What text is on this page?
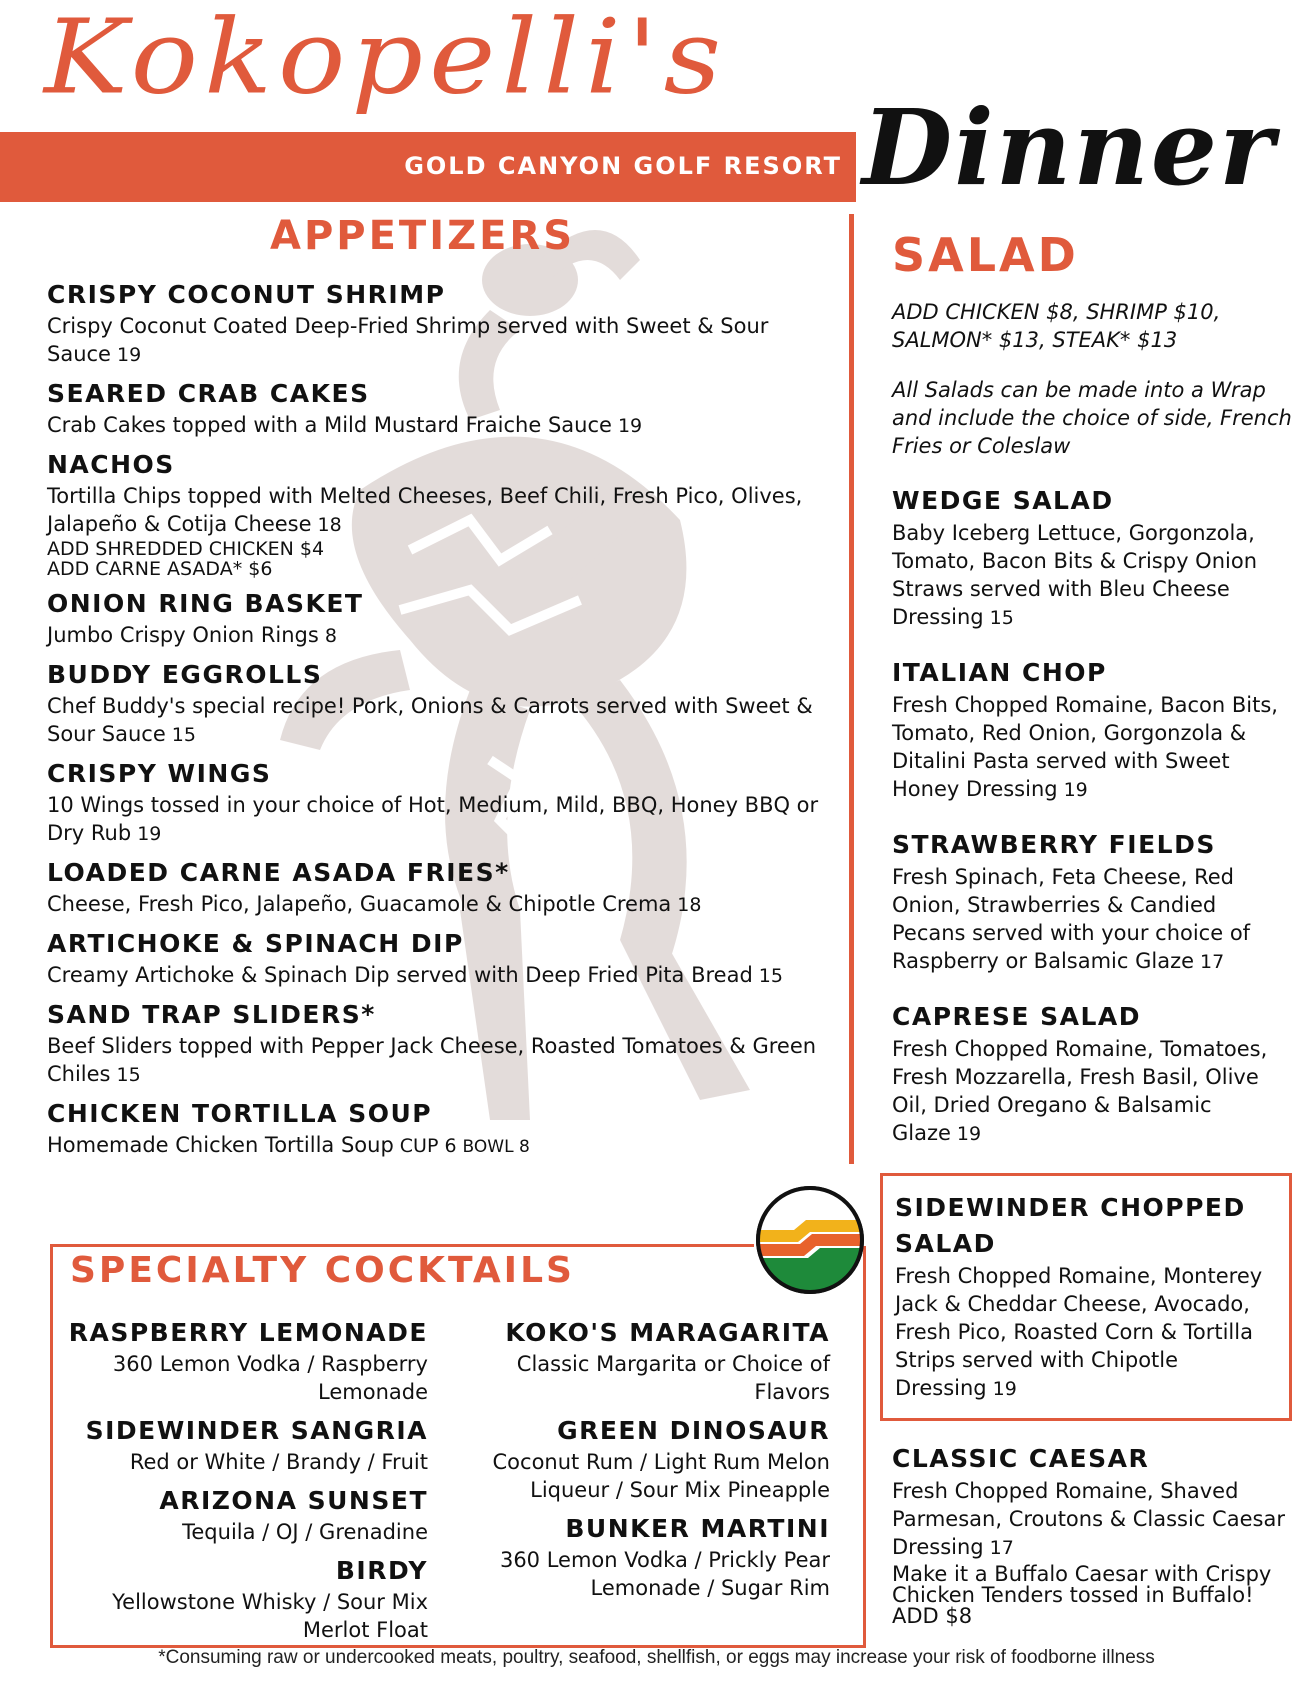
Kokopelli's
GOLD CANYON GOLF RESORT Dinner
APPETIZERS
CRISPY COCONUT SHRIMP
Crispy Coconut Coated Deep-Fried Shrimp served with Sweet & Sour Sauce 19
SEARED CRAB CAKES
Crab Cakes topped with a Mild Mustard Fraiche Sauce 19
NACHOS
Tortilla Chips topped with Melted Cheeses, Beef Chili, Fresh Pico, Olives, Jalapeño & Cotija Cheese 18
ADD SHREDDED CHICKEN $4
ADD CARNE ASADA* $6
ONION RING BASKET
Jumbo Crispy Onion Rings 8
BUDDY EGGROLLS
Chef Buddy's special recipe! Pork, Onions & Carrots served with Sweet & Sour Sauce 15
CRISPY WINGS
10 Wings tossed in your choice of Hot, Medium, Mild, BBQ, Honey BBQ or Dry Rub 19
LOADED CARNE ASADA FRIES*
Cheese, Fresh Pico, Jalapeño, Guacamole & Chipotle Crema 18
ARTICHOKE & SPINACH DIP
Creamy Artichoke & Spinach Dip served with Deep Fried Pita Bread 15
SAND TRAP SLIDERS*
Beef Sliders topped with Pepper Jack Cheese, Roasted Tomatoes & Green Chiles 15
CHICKEN TORTILLA SOUP
Homemade Chicken Tortilla Soup CUP 6 BOWL 8
SALAD
ADD CHICKEN $8, SHRIMP $10, SALMON* $13, STEAK* $13
All Salads can be made into a Wrap and include the choice of side, French Fries or Coleslaw
WEDGE SALAD
Baby Iceberg Lettuce, Gorgonzola, Tomato, Bacon Bits & Crispy Onion Straws served with Bleu Cheese Dressing 15
ITALIAN CHOP
Fresh Chopped Romaine, Bacon Bits, Tomato, Red Onion, Gorgonzola & Ditalini Pasta served with Sweet Honey Dressing 19
STRAWBERRY FIELDS
Fresh Spinach, Feta Cheese, Red Onion, Strawberries & Candied Pecans served with your choice of Raspberry or Balsamic Glaze 17
CAPRESE SALAD
Fresh Chopped Romaine, Tomatoes, Fresh Mozzarella, Fresh Basil, Olive Oil, Dried Oregano & Balsamic Glaze 19
SIDEWINDER CHOPPED SALAD
Fresh Chopped Romaine, Monterey Jack & Cheddar Cheese, Avocado, Fresh Pico, Roasted Corn & Tortilla Strips served with Chipotle Dressing 19
CLASSIC CAESAR
Fresh Chopped Romaine, Shaved Parmesan, Croutons & Classic Caesar Dressing 17
Make it a Buffalo Caesar with Crispy Chicken Tenders tossed in Buffalo! ADD $8
SPECIALTY COCKTAILS
RASPBERRY LEMONADE
360 Lemon Vodka / Raspberry Lemonade
SIDEWINDER SANGRIA
Red or White / Brandy / Fruit
ARIZONA SUNSET
Tequila / OJ / Grenadine
BIRDY
Yellowstone Whisky / Sour Mix Merlot Float
KOKO'S MARAGARITA
Classic Margarita or Choice of Flavors
GREEN DINOSAUR
Coconut Rum / Light Rum Melon Liqueur / Sour Mix Pineapple
BUNKER MARTINI
360 Lemon Vodka / Prickly Pear Lemonade / Sugar Rim
*Consuming raw or undercooked meats, poultry, seafood, shellfish, or eggs may increase your risk of foodborne illness
